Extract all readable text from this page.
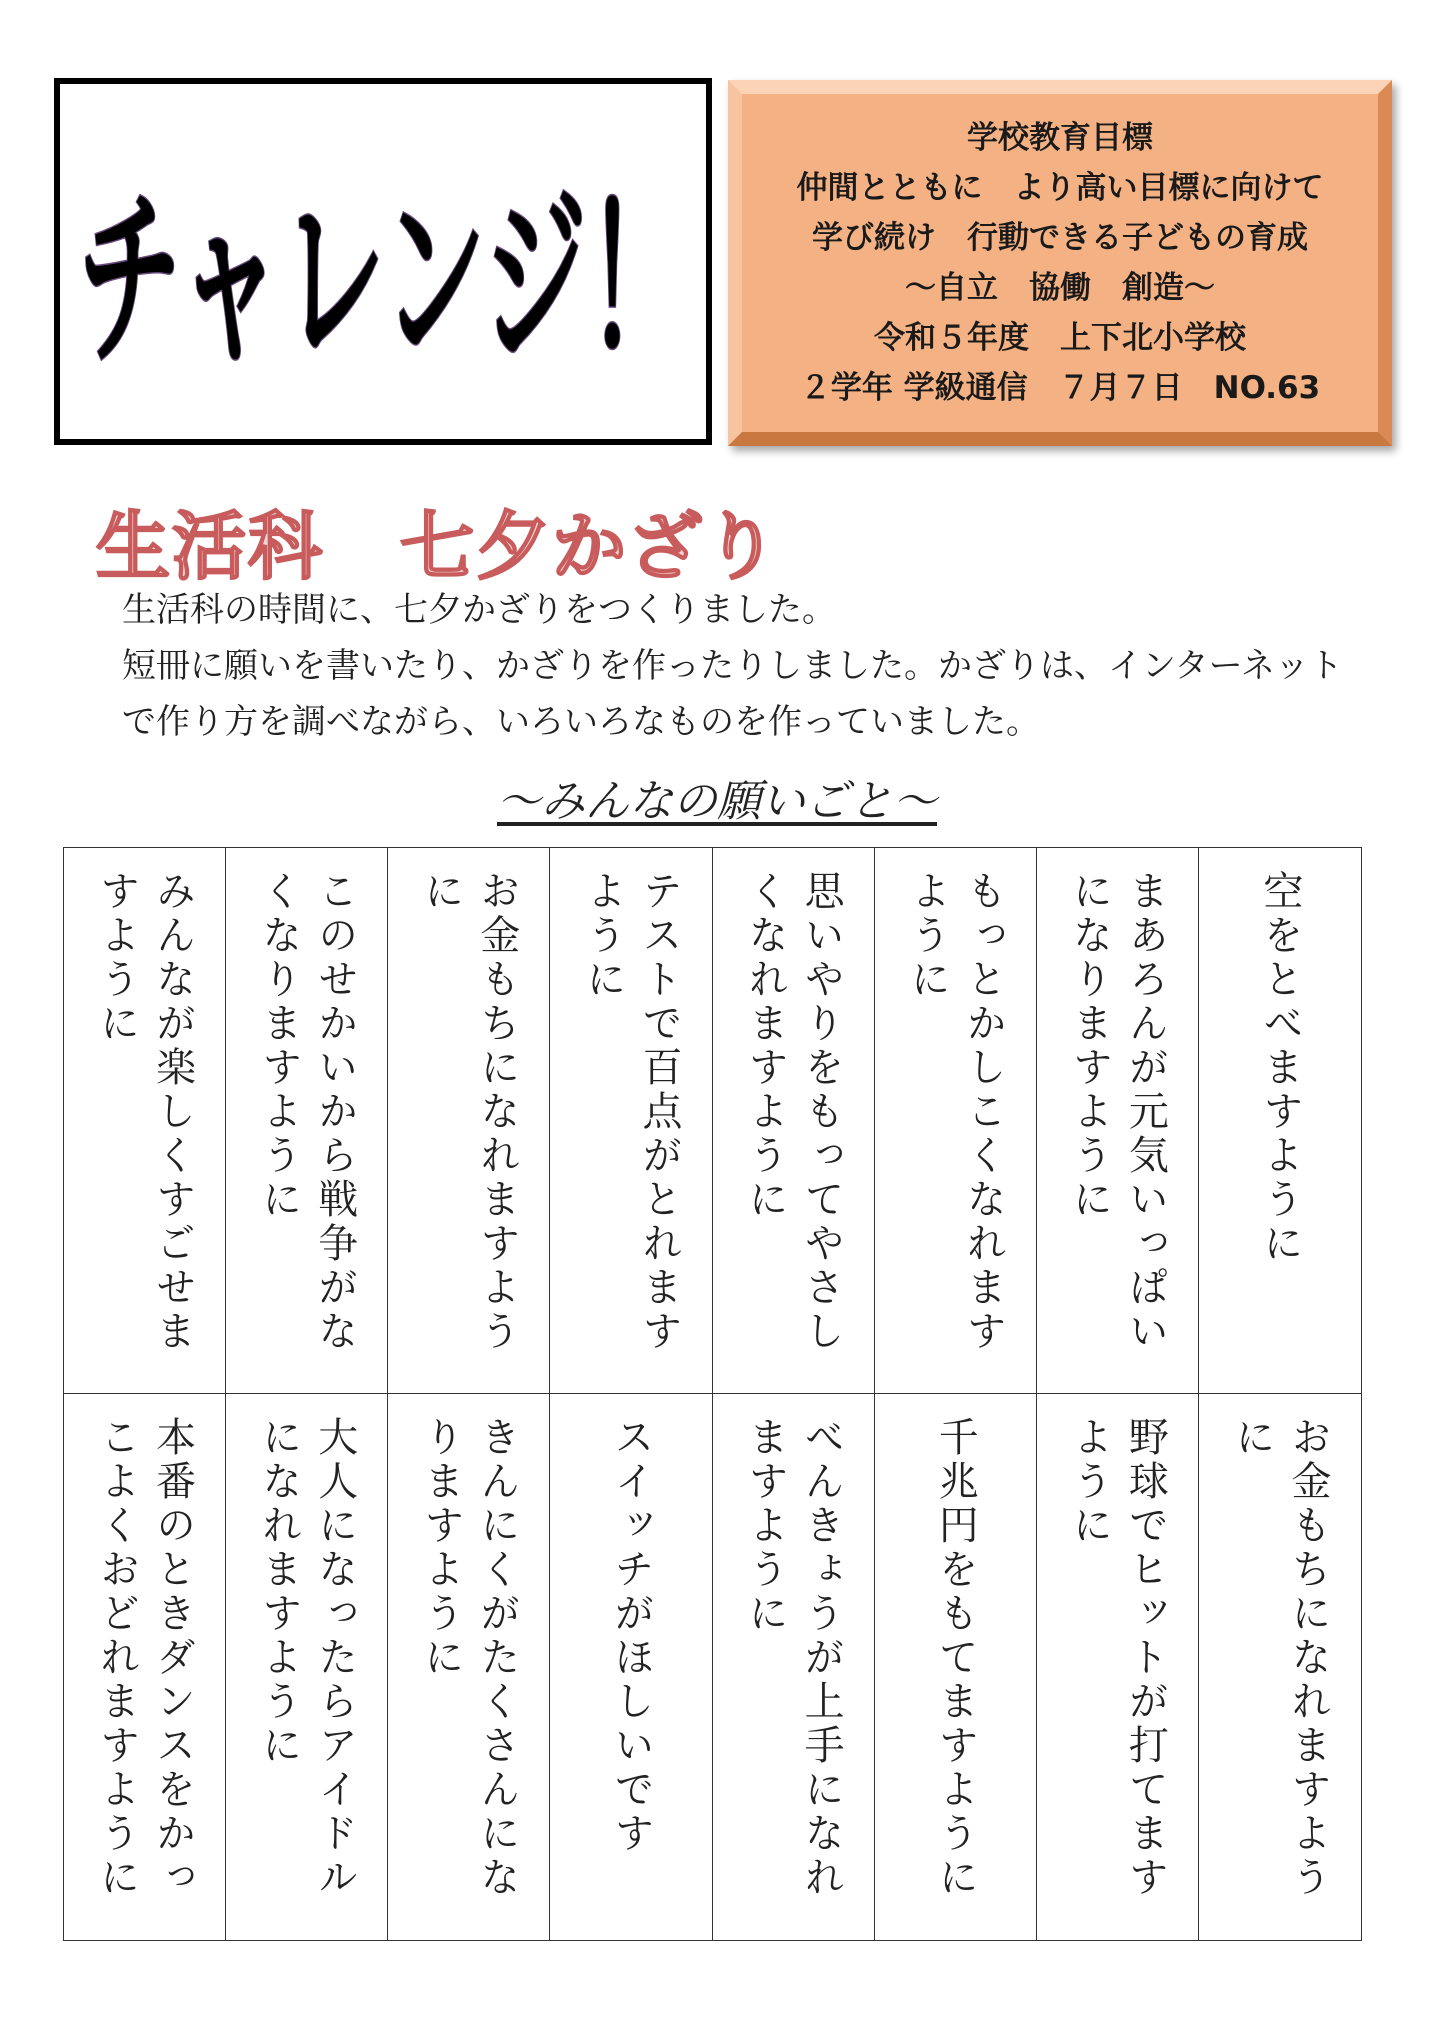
チャレンジ！
学校教育目標
仲間とともに　より高い目標に向けて
学び続け　行動できる子どもの育成
～自立　協働　創造～
令和５年度　上下北小学校
２学年 学級通信　７月７日　NO.63
生活科　七夕かざり

生活科の時間に、七夕かざりをつくりました。

短冊に願いを書いたり、かざりを作ったりしました。かざりは、インターネットで作り方を調べながら、いろいろなものを作っていました。

～みんなの願いごと～
みんなが楽しくすごせますように	このせかいから戦争がなくなりますように	お金もちになれますように	テストで百点がとれますように	思いやりをもってやさしくなれますように	もっとかしこくなれますように	まあろんが元気いっぱいになりますように	空をとべますように
本番のときダンスをかっこよくおどれますように	大人になったらアイドルになれますように	きんにくがたくさんになりますように	スイッチがほしいです	べんきょうが上手になれますように	千兆円をもてますように	野球でヒットが打てますように	お金もちになれますように
